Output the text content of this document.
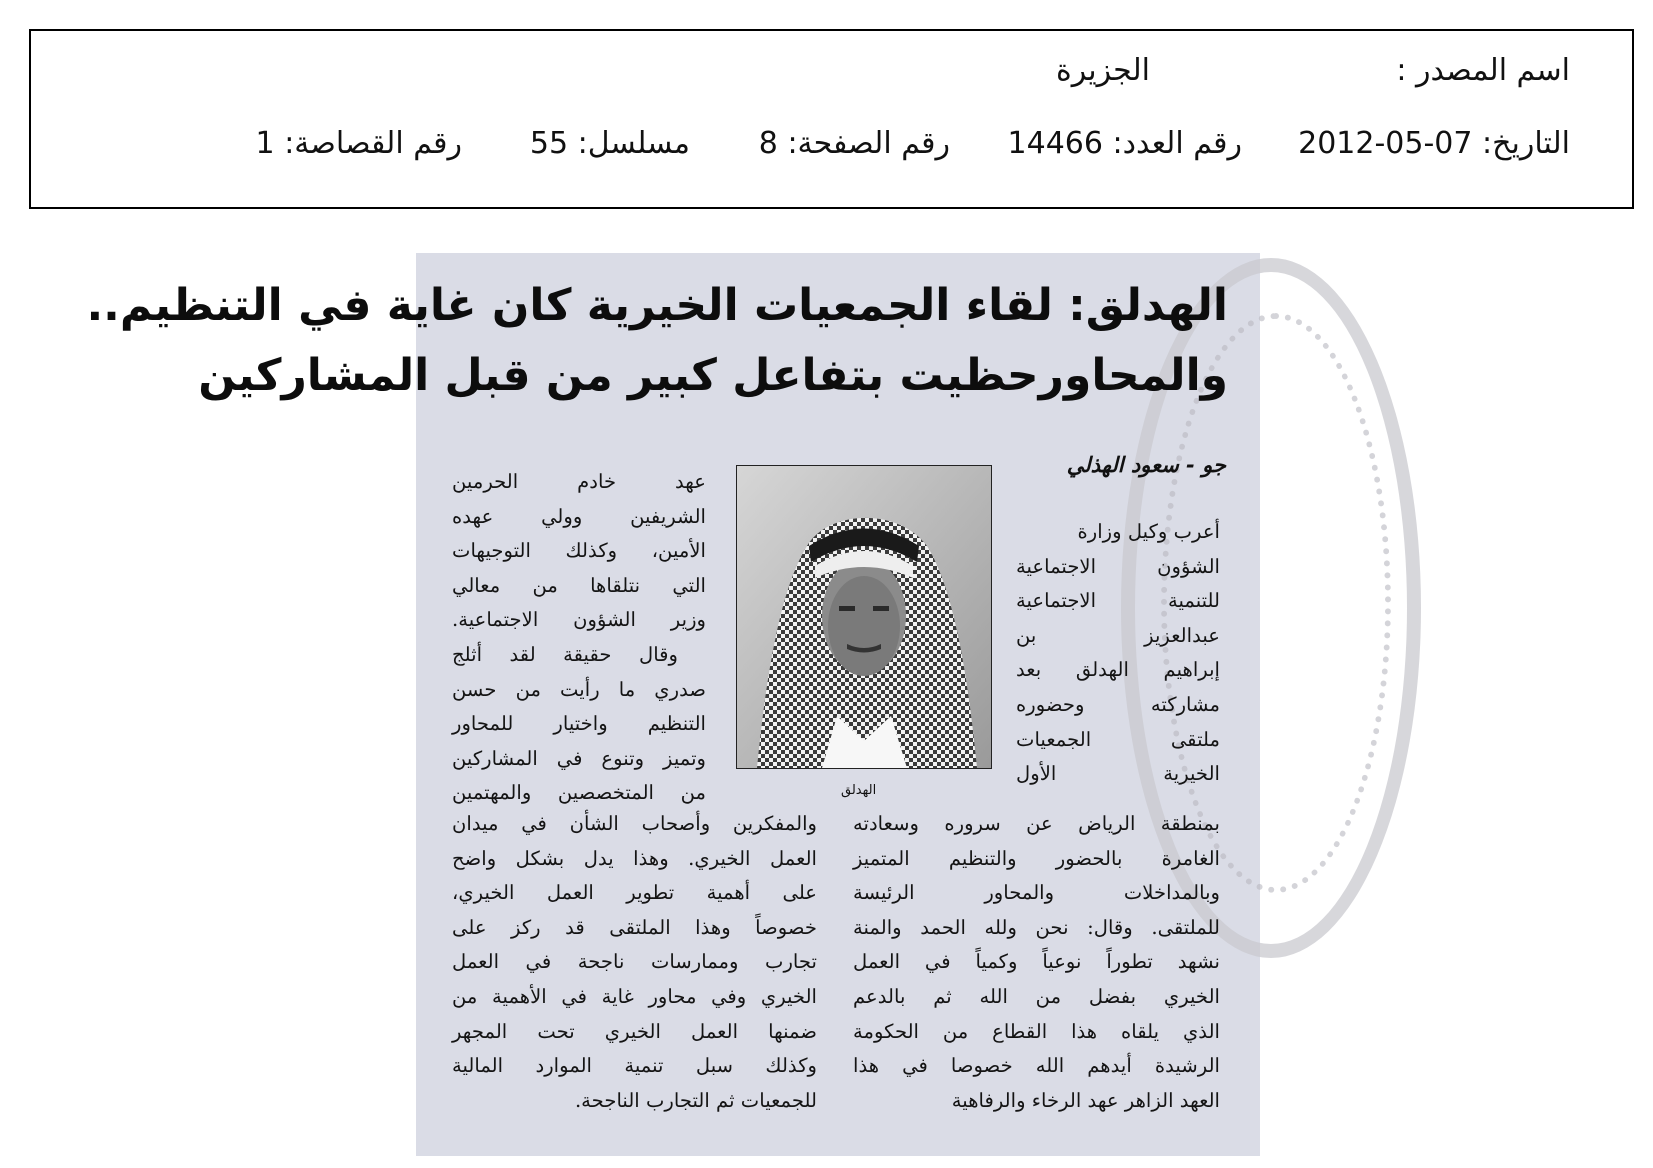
اسم المصدر :
الجزيرة
التاريخ: 2012-05-07
رقم العدد: 14466
رقم الصفحة: 8
مسلسل: 55
رقم القصاصة: 1
الهدلق: لقاء الجمعيات الخيرية كان غاية في التنظيم..
والمحاورحظيت بتفاعل كبير من قبل المشاركين
جو - سعود الهذلي
الهدلق

أعرب وكيل وزارة

الشؤون الاجتماعية

للتنمية الاجتماعية

عبدالعزيز بن

إبراهيم الهدلق بعد

مشاركته وحضوره

ملتقى الجمعيات

الخيرية الأول

بمنطقة الرياض عن سروره وسعادته

الغامرة بالحضور والتنظيم المتميز

وبالمداخلات والمحاور الرئيسة

للملتقى. وقال: نحن ولله الحمد والمنة

نشهد تطوراً نوعياً وكمياً في العمل

الخيري بفضل من الله ثم بالدعم

الذي يلقاه هذا القطاع من الحكومة

الرشيدة أيدهم الله خصوصا في هذا

العهد الزاهر عهد الرخاء والرفاهية

عهد خادم الحرمين

الشريفين وولي عهده

الأمين، وكذلك التوجيهات

التي نتلقاها من معالي

وزير الشؤون الاجتماعية.

وقال حقيقة لقد أثلج

صدري ما رأيت من حسن

التنظيم واختيار للمحاور

وتميز وتنوع في المشاركين

من المتخصصين والمهتمين

والمفكرين وأصحاب الشأن في ميدان

العمل الخيري. وهذا يدل بشكل واضح

على أهمية تطوير العمل الخيري،

خصوصاً وهذا الملتقى قد ركز على

تجارب وممارسات ناجحة في العمل

الخيري وفي محاور غاية في الأهمية من

ضمنها العمل الخيري تحت المجهر

وكذلك سبل تنمية الموارد المالية

للجمعيات ثم التجارب الناجحة.
